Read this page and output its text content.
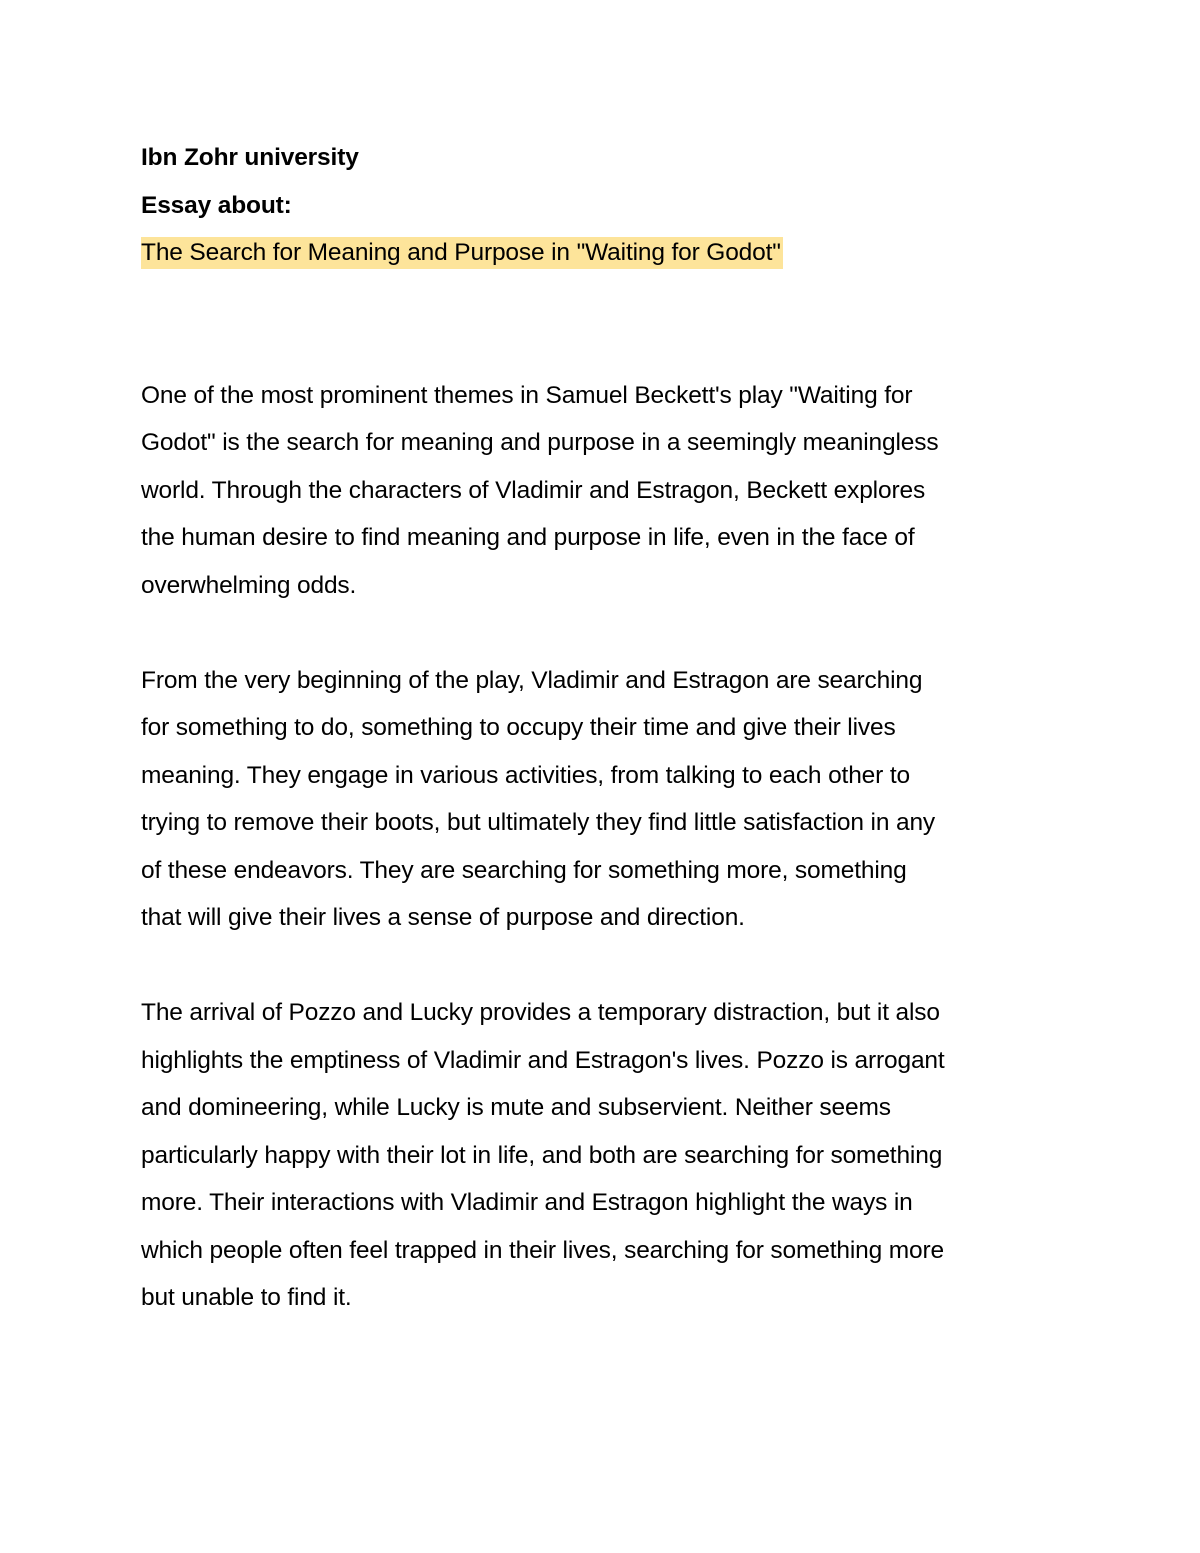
Ibn Zohr university

Essay about:

The Search for Meaning and Purpose in "Waiting for Godot"

One of the most prominent themes in Samuel Beckett's play "Waiting for
Godot" is the search for meaning and purpose in a seemingly meaningless
world. Through the characters of Vladimir and Estragon, Beckett explores
the human desire to find meaning and purpose in life, even in the face of
overwhelming odds.
From the very beginning of the play, Vladimir and Estragon are searching
for something to do, something to occupy their time and give their lives
meaning. They engage in various activities, from talking to each other to
trying to remove their boots, but ultimately they find little satisfaction in any
of these endeavors. They are searching for something more, something
that will give their lives a sense of purpose and direction.
The arrival of Pozzo and Lucky provides a temporary distraction, but it also
highlights the emptiness of Vladimir and Estragon's lives. Pozzo is arrogant
and domineering, while Lucky is mute and subservient. Neither seems
particularly happy with their lot in life, and both are searching for something
more. Their interactions with Vladimir and Estragon highlight the ways in
which people often feel trapped in their lives, searching for something more
but unable to find it.
